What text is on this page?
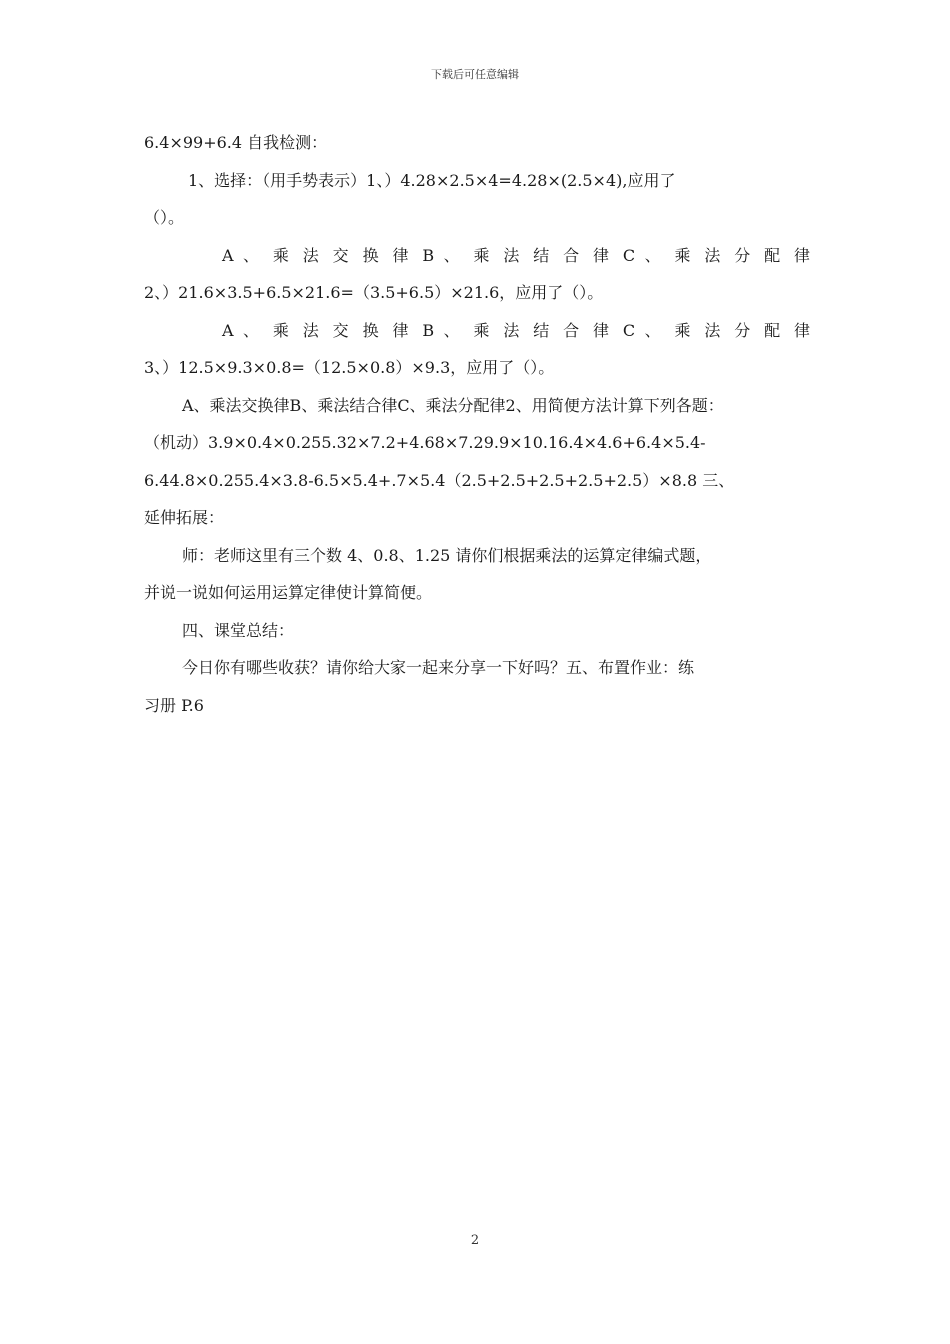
下载后可任意编辑
6.4×99+6.4 自我检测：
1、选择：（用手势表示）1、）4.28×2.5×4=4.28×(2.5×4),应用了
（）。
A 、 乘 法 交 换 律 B 、 乘 法 结 合 律 C 、 乘 法 分 配 律
2、）21.6×3.5+6.5×21.6=（3.5+6.5）×21.6，应用了（）。
A 、 乘 法 交 换 律 B 、 乘 法 结 合 律 C 、 乘 法 分 配 律
3、）12.5×9.3×0.8=（12.5×0.8）×9.3，应用了（）。
A、乘法交换律B、乘法结合律C、乘法分配律2、用简便方法计算下列各题：
（机动）3.9×0.4×0.255.32×7.2+4.68×7.29.9×10.16.4×4.6+6.4×5.4-
6.44.8×0.255.4×3.8-6.5×5.4+.7×5.4（2.5+2.5+2.5+2.5+2.5）×8.8 三、
延伸拓展：
师：老师这里有三个数 4、0.8、1.25 请你们根据乘法的运算定律编式题，
并说一说如何运用运算定律使计算简便。
四、课堂总结：
今日你有哪些收获？请你给大家一起来分享一下好吗？五、布置作业：练
习册 P.6
2
